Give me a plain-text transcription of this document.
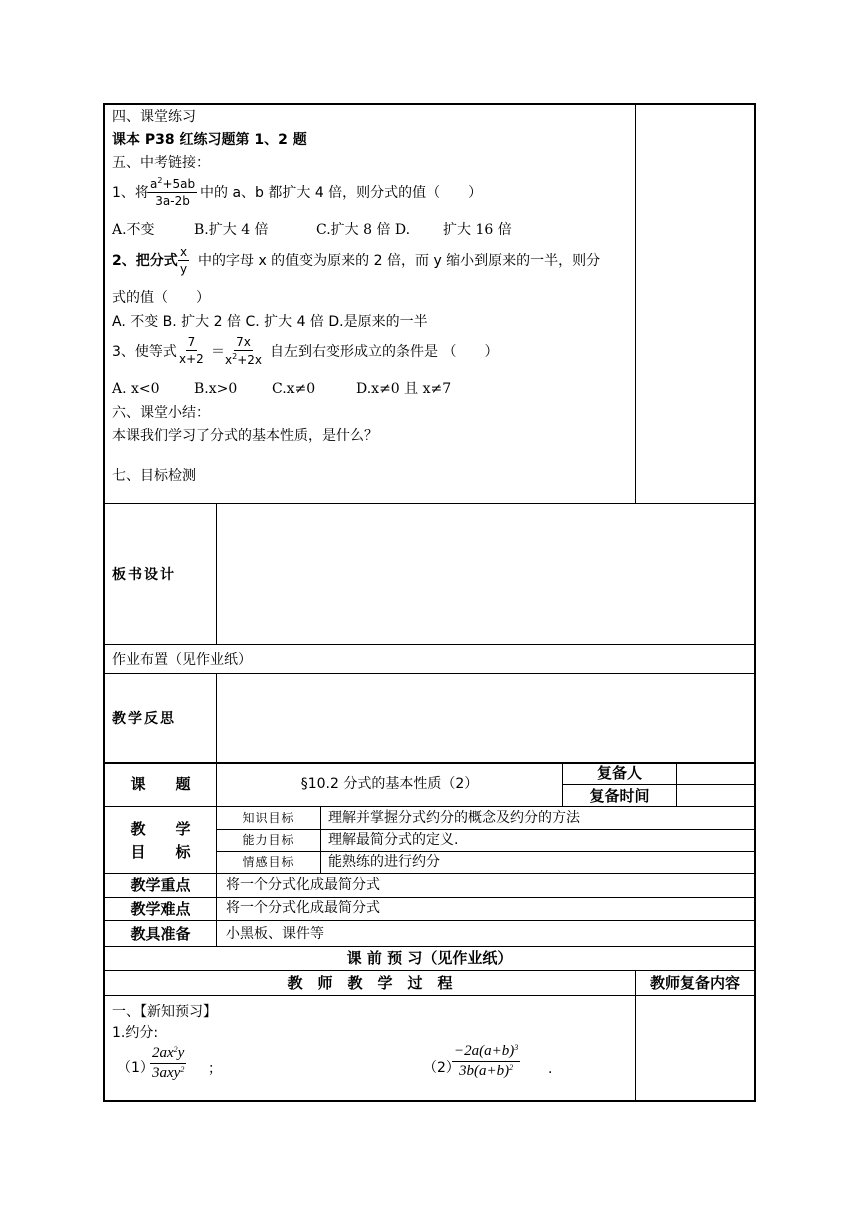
四、课堂练习
课本 P38 红练习题第 1、2 题
五、中考链接：
1、将 $\frac{a^2+5ab}{3a-2b}$ 中的 a、b 都扩大 4 倍，则分式的值（　　）
A.不变	B.扩大 4 倍	C.扩大 8 倍 D. 扩大 16 倍
2、把分式 $\frac{x}{y}$ 中的字母 x 的值变为原来的 2 倍，而 y 缩小到原来的一半，则分
式的值（　　）
A. 不变 B. 扩大 2 倍 C. 扩大 4 倍 D.是原来的一半
3、使等式 $\frac{7}{x+2} = \frac{7x}{x^2+2x}$ 自左到右变形成立的条件是 （　　）
A. x<0 B.x>0 C.x≠0	D.x≠0 且 x≠7
六、课堂小结：
本课我们学习了分式的基本性质，是什么？
七、目标检测
板书设计
作业布置（见作业纸）
教学反思
课　　题	§10.2 分式的基本性质（2）
复备人
复备时间
教　　学
目　　标
知识目标	理解并掌握分式约分的概念及约分的方法
能力目标	理解最简分式的定义.
情感目标	能熟练的进行约分
教学重点	将一个分式化成最简分式
教学难点	将一个分式化成最简分式
教具准备	小黑板、课件等
课 前 预 习（见作业纸）
教　师　教　学　过　程	教师复备内容
一、【新知预习】
1.约分:
（1）
$2ax^2y$
3axy$^2$ ；	（2）
$\frac{-2a(a+b)^3}{3b(a+b)^2}$ .
